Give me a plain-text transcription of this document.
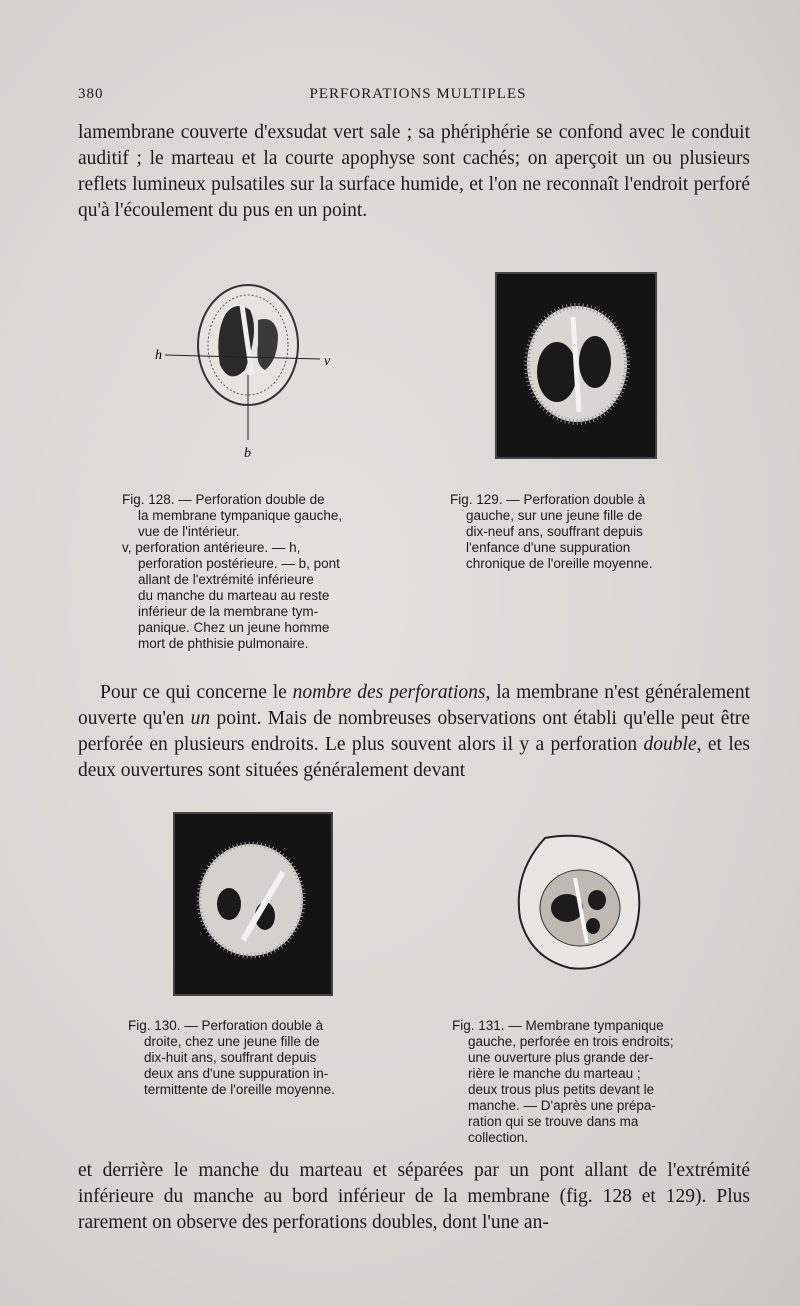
380	PERFORATIONS MULTIPLES

lamembrane couverte d'exsudat vert sale ; sa phériphérie se confond avec le conduit auditif ; le marteau et la courte apophyse sont cachés; on aperçoit un ou plusieurs reflets lumineux pulsatiles sur la surface humide, et l'on ne reconnaît l'endroit perforé qu'à l'écoulement du pus en un point.

h	v
b
Fig. 128. — Perforation double de
la membrane tympanique gauche,
vue de l'intérieur.
v, perforation antérieure. — h,
perforation postérieure. — b, pont
allant de l'extrémité inférieure
du manche du marteau au reste
inférieur de la membrane tym-
panique. Chez un jeune homme
mort de phthisie pulmonaire.
Fig. 129. — Perforation double à
gauche, sur une jeune fille de
dix-neuf ans, souffrant depuis
l'enfance d'une suppuration
chronique de l'oreille moyenne.

Pour ce qui concerne le nombre des perforations, la membrane n'est généralement ouverte qu'en un point. Mais de nombreuses observations ont établi qu'elle peut être perforée en plusieurs endroits. Le plus souvent alors il y a perforation double, et les deux ouvertures sont situées généralement devant

Fig. 130. — Perforation double à
droite, chez une jeune fille de
dix-huit ans, souffrant depuis
deux ans d'une suppuration in-
termittente de l'oreille moyenne.
Fig. 131. — Membrane tympanique
gauche, perforée en trois endroits;
une ouverture plus grande der-
rière le manche du marteau ;
deux trous plus petits devant le
manche. — D'après une prépa-
ration qui se trouve dans ma
collection.

et derrière le manche du marteau et séparées par un pont allant de l'extrémité inférieure du manche au bord inférieur de la membrane (fig. 128 et 129). Plus rarement on observe des perforations doubles, dont l'une an-
